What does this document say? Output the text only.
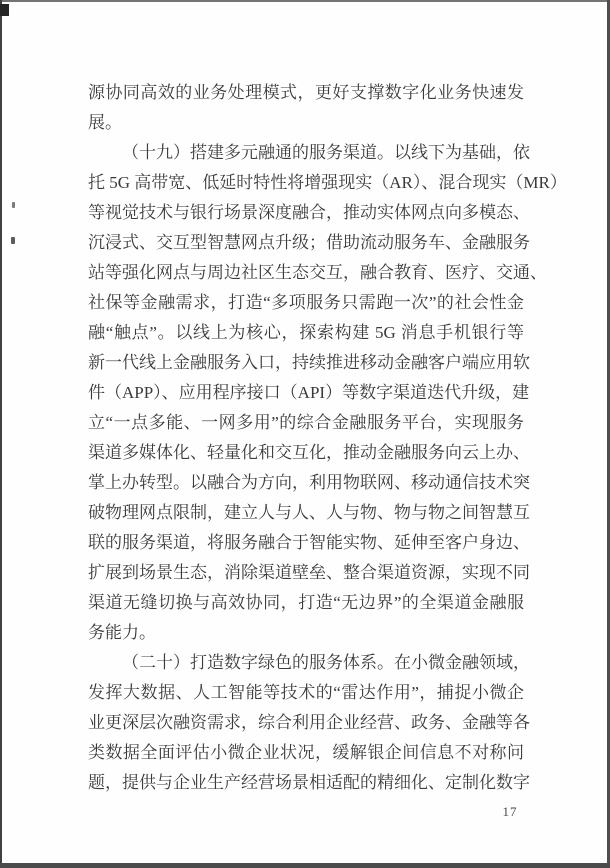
源协同高效的业务处理模式，更好支撑数字化业务快速发
展。
（十九）搭建多元融通的服务渠道。以线下为基础，依
托 5G 高带宽、低延时特性将增强现实（AR）、混合现实（MR）
等视觉技术与银行场景深度融合，推动实体网点向多模态、
沉浸式、交互型智慧网点升级；借助流动服务车、金融服务
站等强化网点与周边社区生态交互，融合教育、医疗、交通、
社保等金融需求，打造“多项服务只需跑一次”的社会性金
融“触点”。以线上为核心，探索构建 5G 消息手机银行等
新一代线上金融服务入口，持续推进移动金融客户端应用软
件（APP）、应用程序接口（API）等数字渠道迭代升级，建
立“一点多能、一网多用”的综合金融服务平台，实现服务
渠道多媒体化、轻量化和交互化，推动金融服务向云上办、
掌上办转型。以融合为方向，利用物联网、移动通信技术突
破物理网点限制，建立人与人、人与物、物与物之间智慧互
联的服务渠道，将服务融合于智能实物、延伸至客户身边、
扩展到场景生态，消除渠道壁垒、整合渠道资源，实现不同
渠道无缝切换与高效协同，打造“无边界”的全渠道金融服
务能力。
（二十）打造数字绿色的服务体系。在小微金融领域，
发挥大数据、人工智能等技术的“雷达作用”，捕捉小微企
业更深层次融资需求，综合利用企业经营、政务、金融等各
类数据全面评估小微企业状况，缓解银企间信息不对称问
题，提供与企业生产经营场景相适配的精细化、定制化数字
17
